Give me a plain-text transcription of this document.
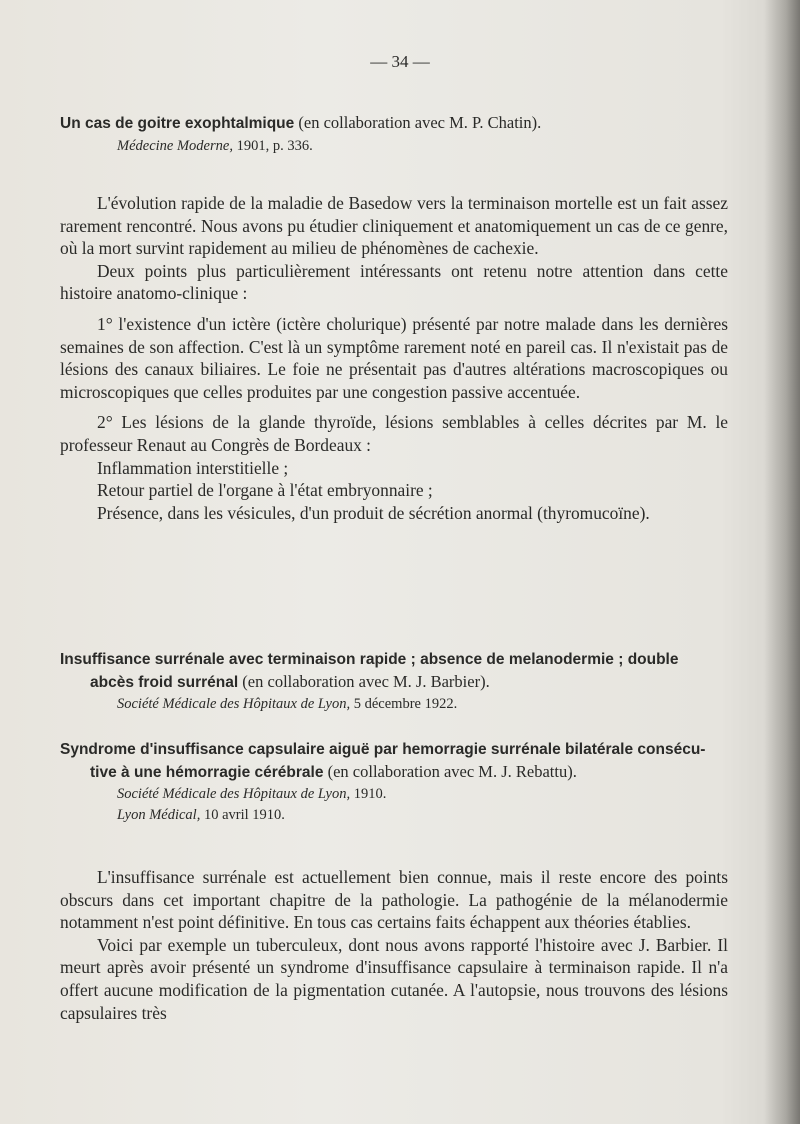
— 34 —
Un cas de goitre exophtalmique (en collaboration avec M. P. Chatin).
Médecine Moderne, 1901, p. 336.

L'évolution rapide de la maladie de Basedow vers la terminaison mortelle est un fait assez rarement rencontré. Nous avons pu étudier cliniquement et anatomiquement un cas de ce genre, où la mort survint rapidement au milieu de phénomènes de cachexie.

Deux points plus particulièrement intéressants ont retenu notre attention dans cette histoire anatomo-clinique :

1° l'existence d'un ictère (ictère cholurique) présenté par notre malade dans les dernières semaines de son affection. C'est là un symptôme rarement noté en pareil cas. Il n'existait pas de lésions des canaux biliaires. Le foie ne présentait pas d'autres altérations macroscopiques ou microscopiques que celles produites par une congestion passive accentuée.

2° Les lésions de la glande thyroïde, lésions semblables à celles décrites par M. le professeur Renaut au Congrès de Bordeaux :

Inflammation interstitielle ;

Retour partiel de l'organe à l'état embryonnaire ;

Présence, dans les vésicules, d'un produit de sécrétion anormal (thyromucoïne).

Insuffisance surrénale avec terminaison rapide ; absence de melanodermie ; double
abcès froid surrénal (en collaboration avec M. J. Barbier).
Société Médicale des Hôpitaux de Lyon, 5 décembre 1922.
Syndrome d'insuffisance capsulaire aiguë par hemorragie surrénale bilatérale consécu-
tive à une hémorragie cérébrale (en collaboration avec M. J. Rebattu).
Société Médicale des Hôpitaux de Lyon, 1910.
Lyon Médical, 10 avril 1910.

L'insuffisance surrénale est actuellement bien connue, mais il reste encore des points obscurs dans cet important chapitre de la pathologie. La pathogénie de la mélanodermie notamment n'est point définitive. En tous cas certains faits échappent aux théories établies.

Voici par exemple un tuberculeux, dont nous avons rapporté l'histoire avec J. Barbier. Il meurt après avoir présenté un syndrome d'insuffisance capsulaire à terminaison rapide. Il n'a offert aucune modification de la pigmentation cutanée. A l'autopsie, nous trouvons des lésions capsulaires très
